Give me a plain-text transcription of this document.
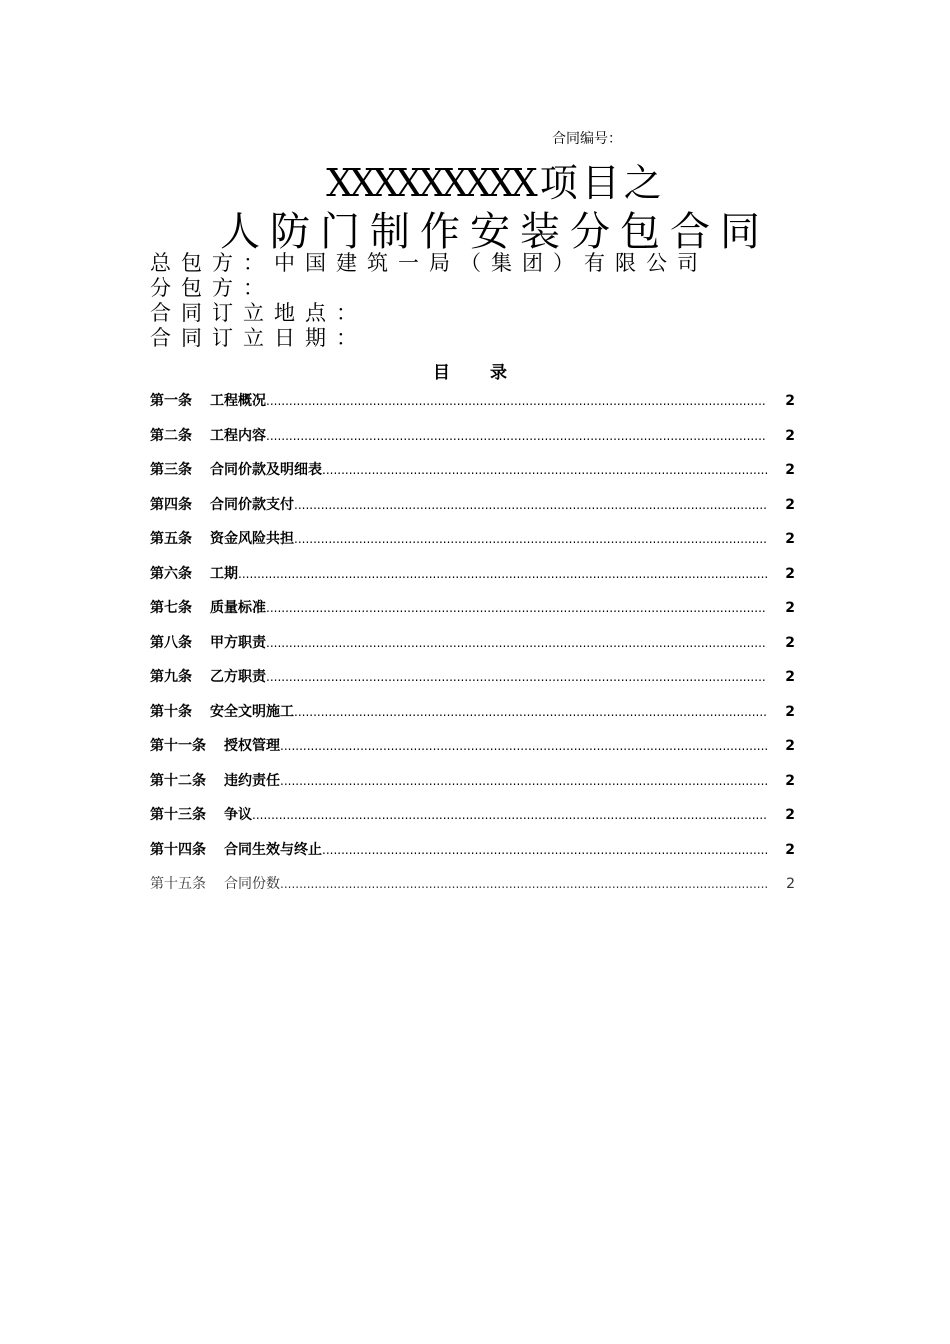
合同编号：
XXXXXXXXX 项目之
人防门制作安装分包合同
总包方：中国建筑一局（集团）有限公司
分包方：
合同订立地点：
合同订立日期：
目录
第一条 工程概况 .....	2
第二条 工程内容 .....	2
第三条 合同价款及明细表 .....	2
第四条 合同价款支付 .....	2
第五条 资金风险共担 .....	2
第六条 工期 .....	2
第七条 质量标准 .....	2
第八条 甲方职责 .....	2
第九条 乙方职责 .....	2
第十条 安全文明施工 .....	2
第十一条 授权管理 .....	2
第十二条 违约责任 .....	2
第十三条 争议 .....	2
第十四条 合同生效与终止 .....	2
第十五条 合同份数 .....	2
